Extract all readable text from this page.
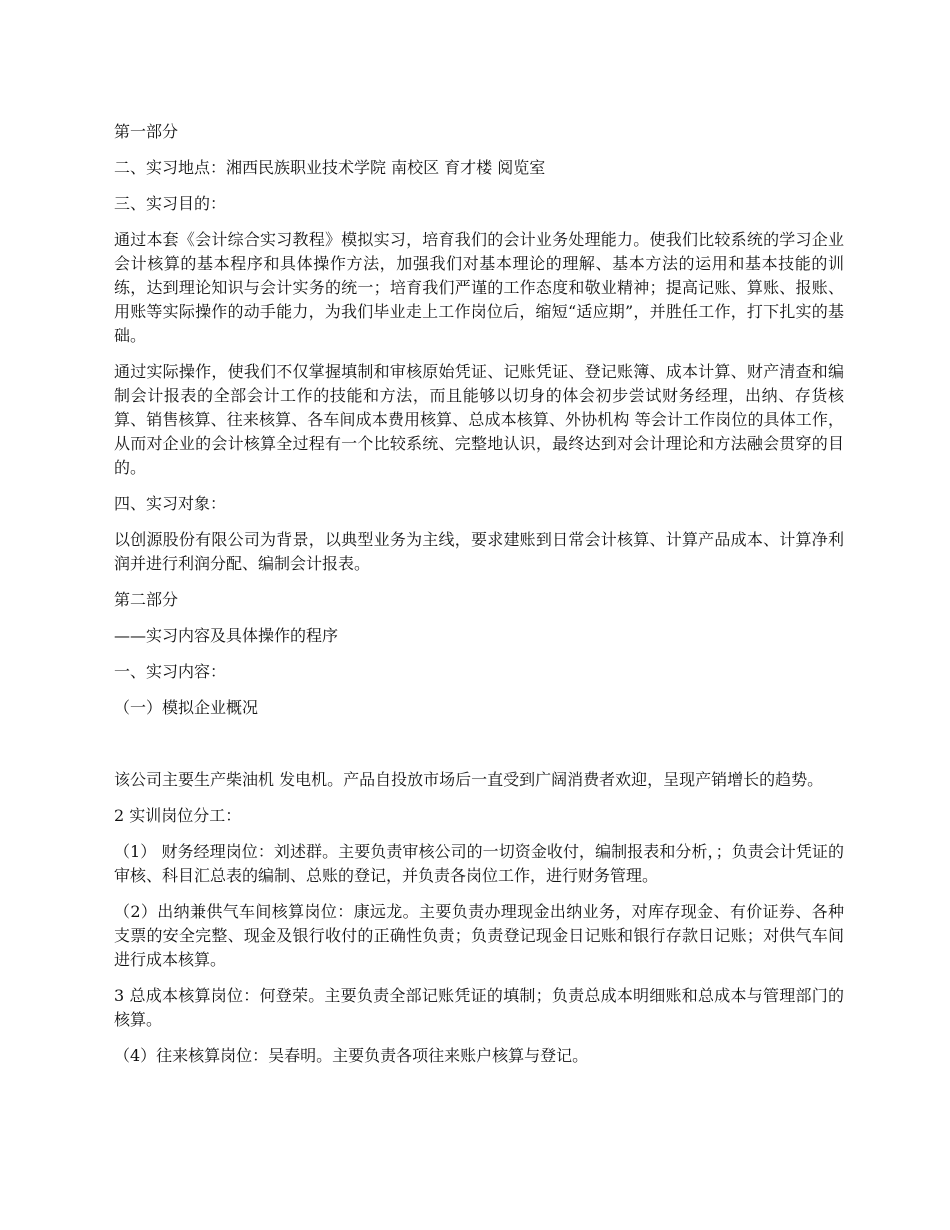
第一部分

二、实习地点：湘西民族职业技术学院 南校区 育才楼 阅览室

三、实习目的：

通过本套《会计综合实习教程》模拟实习，培育我们的会计业务处理能力。使我们比较系统的学习企业会计核算的基本程序和具体操作方法，加强我们对基本理论的理解、基本方法的运用和基本技能的训练，达到理论知识与会计实务的统一；培育我们严谨的工作态度和敬业精神；提高记账、算账、报账、用账等实际操作的动手能力，为我们毕业走上工作岗位后，缩短“适应期”，并胜任工作，打下扎实的基础。

通过实际操作，使我们不仅掌握填制和审核原始凭证、记账凭证、登记账簿、成本计算、财产清查和编制会计报表的全部会计工作的技能和方法，而且能够以切身的体会初步尝试财务经理，出纳、存货核算、销售核算、往来核算、各车间成本费用核算、总成本核算、外协机构 等会计工作岗位的具体工作，从而对企业的会计核算全过程有一个比较系统、完整地认识，最终达到对会计理论和方法融会贯穿的目的。

四、实习对象：

以创源股份有限公司为背景，以典型业务为主线，要求建账到日常会计核算、计算产品成本、计算净利润并进行利润分配、编制会计报表。

第二部分

——实习内容及具体操作的程序

一、实习内容：

（一）模拟企业概况

该公司主要生产柴油机 发电机。产品自投放市场后一直受到广阔消费者欢迎，呈现产销增长的趋势。

2 实训岗位分工：

（1） 财务经理岗位：刘述群。主要负责审核公司的一切资金收付，编制报表和分析，；负责会计凭证的审核、科目汇总表的编制、总账的登记，并负责各岗位工作，进行财务管理。

（2）出纳兼供气车间核算岗位：康远龙。主要负责办理现金出纳业务，对库存现金、有价证券、各种支票的安全完整、现金及银行收付的正确性负责；负责登记现金日记账和银行存款日记账；对供气车间进行成本核算。

3 总成本核算岗位：何登荣。主要负责全部记账凭证的填制；负责总成本明细账和总成本与管理部门的核算。

（4）往来核算岗位：吴春明。主要负责各项往来账户核算与登记。
